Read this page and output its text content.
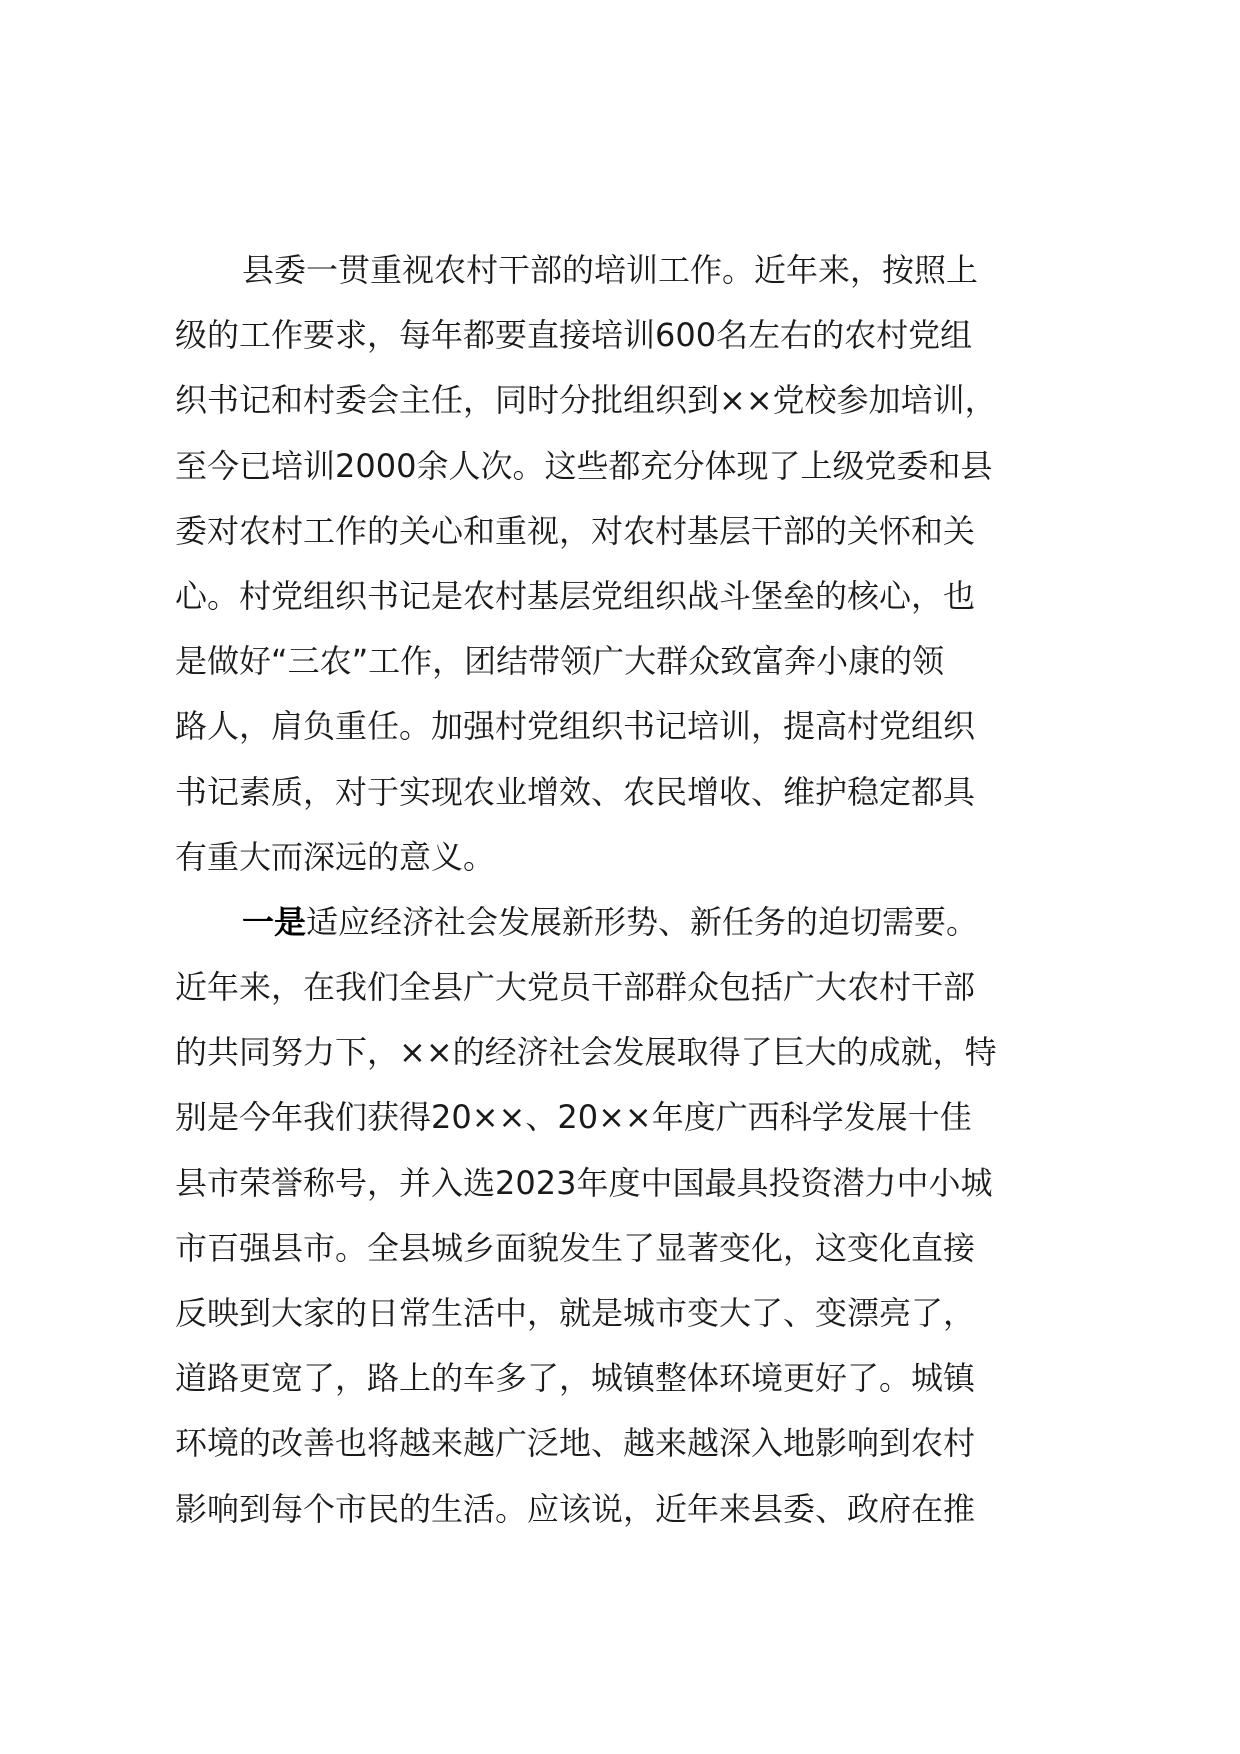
县委一贯重视农村干部的培训工作。近年来，按照上
级的工作要求，每年都要直接培训600名左右的农村党组
织书记和村委会主任，同时分批组织到××党校参加培训，
至今已培训2000余人次。这些都充分体现了上级党委和县
委对农村工作的关心和重视，对农村基层干部的关怀和关
心。村党组织书记是农村基层党组织战斗堡垒的核心，也
是做好“三农”工作，团结带领广大群众致富奔小康的领
路人，肩负重任。加强村党组织书记培训，提高村党组织
书记素质，对于实现农业增效、农民增收、维护稳定都具
有重大而深远的意义。
一是适应经济社会发展新形势、新任务的迫切需要。
近年来，在我们全县广大党员干部群众包括广大农村干部
的共同努力下，××的经济社会发展取得了巨大的成就，特
别是今年我们获得20××、20××年度广西科学发展十佳
县市荣誉称号，并入选2023年度中国最具投资潜力中小城
市百强县市。全县城乡面貌发生了显著变化，这变化直接
反映到大家的日常生活中，就是城市变大了、变漂亮了，
道路更宽了，路上的车多了，城镇整体环境更好了。城镇
环境的改善也将越来越广泛地、越来越深入地影响到农村
影响到每个市民的生活。应该说，近年来县委、政府在推
